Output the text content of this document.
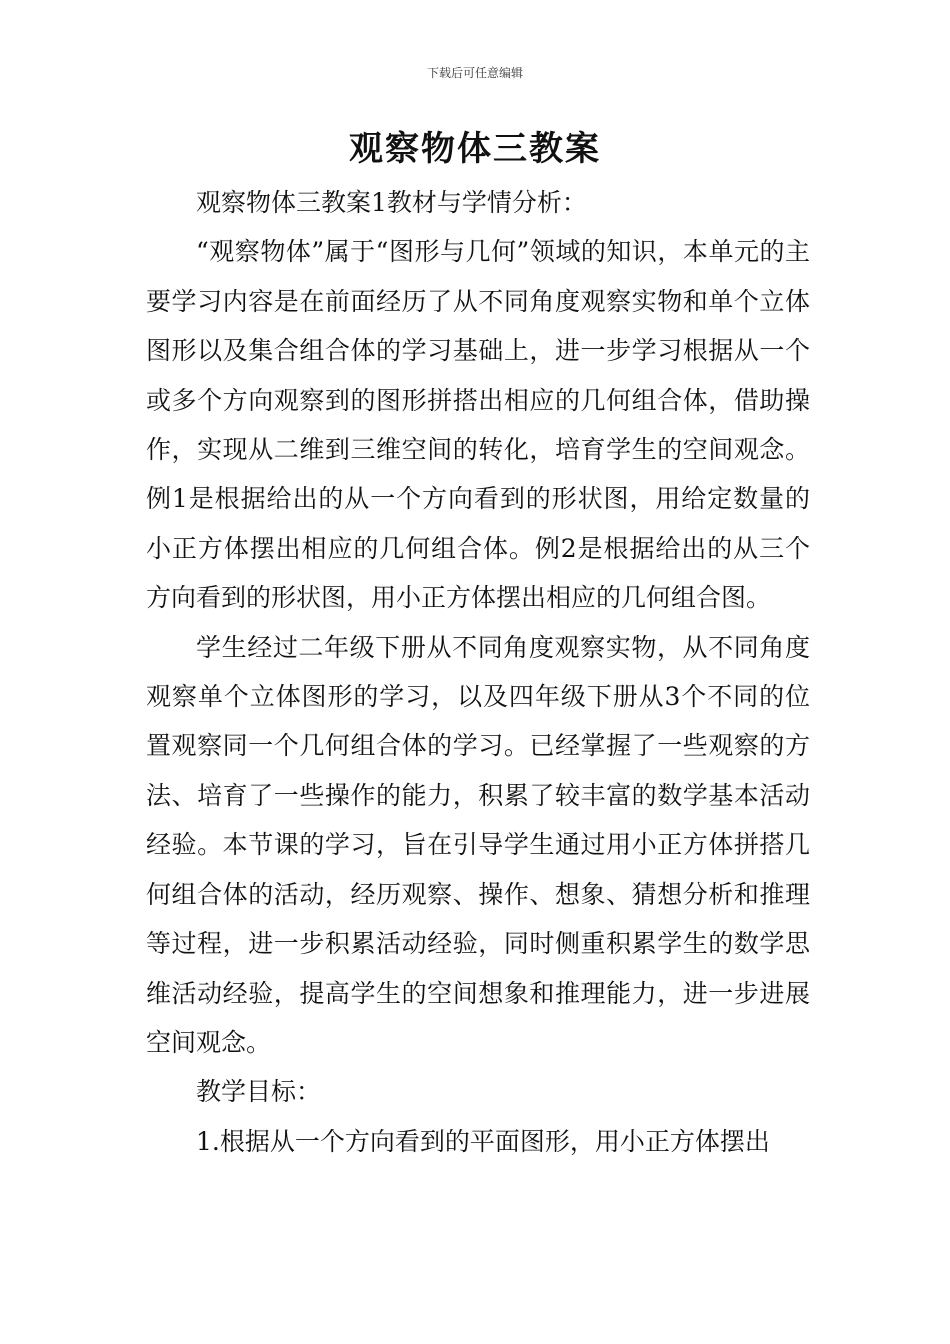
下载后可任意编辑
观察物体三教案

观察物体三教案1教材与学情分析：

“观察物体”属于“图形与几何”领域的知识，本单元的主要学习内容是在前面经历了从不同角度观察实物和单个立体图形以及集合组合体的学习基础上，进一步学习根据从一个或多个方向观察到的图形拼搭出相应的几何组合体，借助操作，实现从二维到三维空间的转化，培育学生的空间观念。例1是根据给出的从一个方向看到的形状图，用给定数量的小正方体摆出相应的几何组合体。例2是根据给出的从三个方向看到的形状图，用小正方体摆出相应的几何组合图。

学生经过二年级下册从不同角度观察实物，从不同角度观察单个立体图形的学习，以及四年级下册从3个不同的位置观察同一个几何组合体的学习。已经掌握了一些观察的方法、培育了一些操作的能力，积累了较丰富的数学基本活动经验。本节课的学习，旨在引导学生通过用小正方体拼搭几何组合体的活动，经历观察、操作、想象、猜想分析和推理等过程，进一步积累活动经验，同时侧重积累学生的数学思维活动经验，提高学生的空间想象和推理能力，进一步进展空间观念。

教学目标：

1.根据从一个方向看到的平面图形，用小正方体摆出
